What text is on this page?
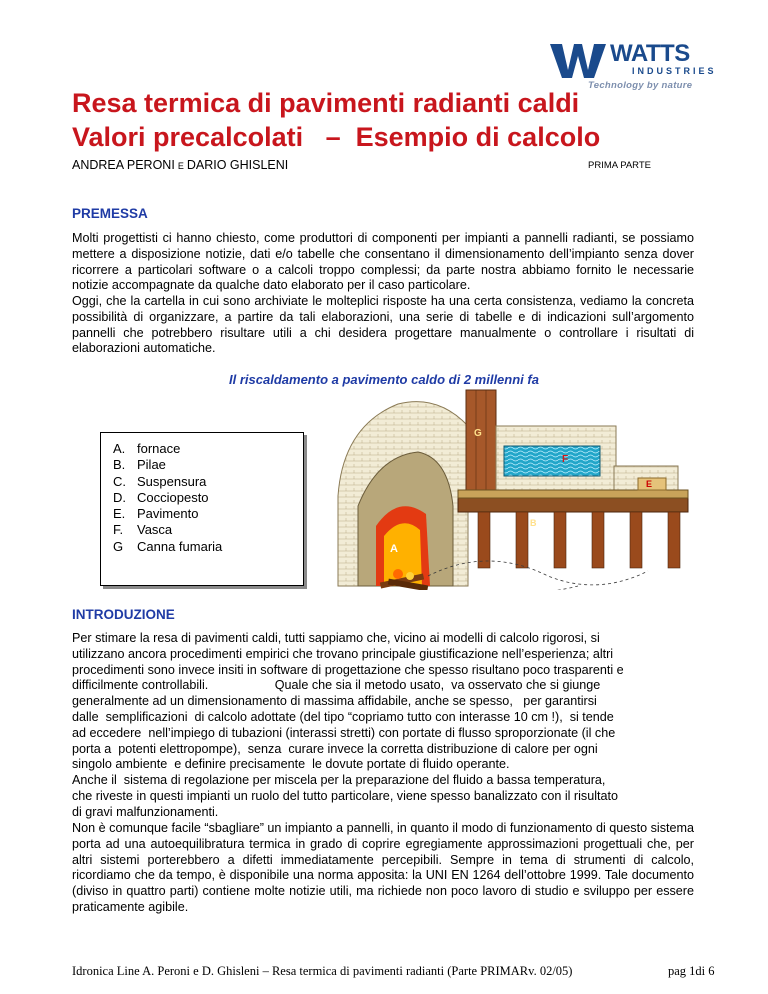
WATTS
INDUSTRIES
Technology by nature
Resa termica di pavimenti radianti caldi
Valori precalcolati   –  Esempio di calcolo
ANDREA PERONI E DARIO GHISLENI	PRIMA PARTE
PREMESSA

Molti progettisti ci hanno chiesto, come produttori di componenti per impianti a pannelli radianti, se possiamo mettere a disposizione notizie, dati e/o tabelle che consentano il dimensionamento dell’impianto senza dover ricorrere a particolari software o a calcoli troppo complessi; da parte nostra abbiamo fornito le necessarie notizie accompagnate da qualche dato elaborato per il caso particolare.

Oggi, che la cartella in cui sono archiviate le molteplici risposte ha una certa consistenza, vediamo la concreta possibilità di organizzare, a partire da tali elaborazioni, una serie di tabelle e di indicazioni sull’argomento pannelli che potrebbero risultare utili a chi desidera progettare manualmente o controllare i risultati di elaborazioni automatiche.

Il riscaldamento a pavimento caldo di 2 millenni fa
A. fornace
B. Pilae
C. Suspensura
D. Cocciopesto
E. Pavimento
F. Vasca
G Canna fumaria	A
G
F
E
B
INTRODUZIONE
Per stimare la resa di pavimenti caldi, tutti sappiamo che, vicino ai modelli di calcolo rigorosi, si
utilizzano ancora procedimenti empirici che trovano principale giustificazione nell’esperienza; altri
procedimenti sono invece insiti in software di progettazione che spesso risultano poco trasparenti e
difficilmente controllabili.                   Quale che sia il metodo usato,  va osservato che si giunge
generalmente ad un dimensionamento di massima affidabile, anche se spesso,   per garantirsi
dalle  semplificazioni  di calcolo adottate (del tipo “copriamo tutto con interasse 10 cm !),  si tende
ad eccedere  nell’impiego di tubazioni (interassi stretti) con portate di flusso sproporzionate (il che
porta a  potenti elettropompe),  senza  curare invece la corretta distribuzione di calore per ogni
singolo ambiente  e definire precisamente  le dovute portate di fluido operante.
Anche il  sistema di regolazione per miscela per la preparazione del fluido a bassa temperatura,
che riveste in questi impianti un ruolo del tutto particolare, viene spesso banalizzato con il risultato
di gravi malfunzionamenti.

Non è comunque facile “sbagliare” un impianto a pannelli, in quanto il modo di funzionamento di questo sistema porta ad una autoequilibratura termica in grado di coprire egregiamente approssimazioni progettuali che, per altri sistemi porterebbero a difetti immediatamente percepibili. Sempre in tema di strumenti di calcolo, ricordiamo che da tempo, è disponibile una norma apposita: la UNI EN 1264 dell’ottobre 1999. Tale documento (diviso in quattro parti) contiene molte notizie utili, ma richiede non poco lavoro di studio e sviluppo per essere praticamente agibile.

Idronica Line A. Peroni e D. Ghisleni – Resa termica di pavimenti radianti (Parte PRIMARv. 02/05)	pag 1di 6
